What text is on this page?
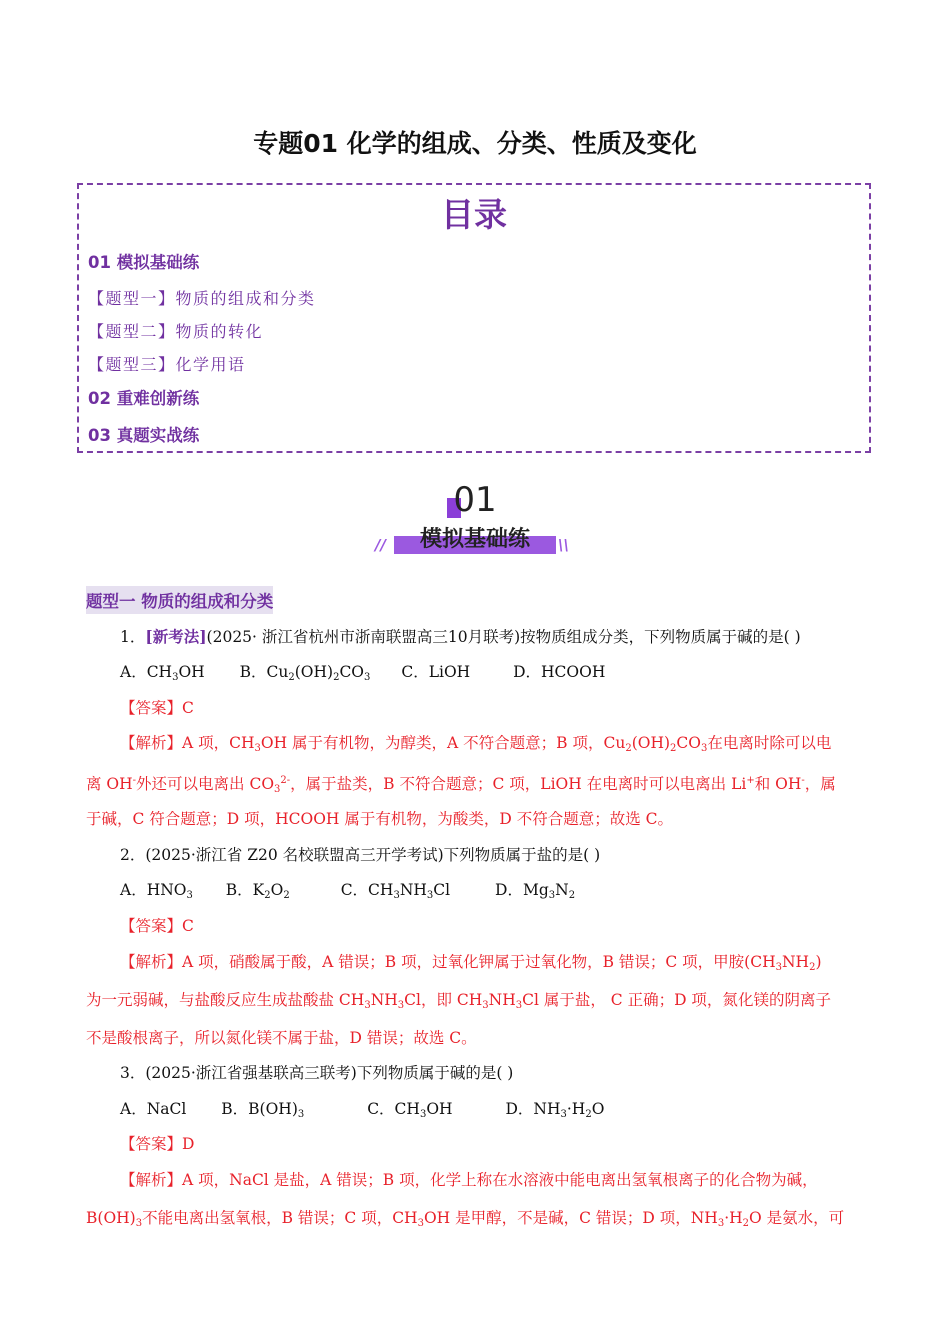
专题01 化学的组成、分类、性质及变化
目录
01 模拟基础练
【题型一】物质的组成和分类
【题型二】物质的转化
【题型三】化学用语
02 重难创新练
03 真题实战练
01
模拟基础练
//	\\
题型一 物质的组成和分类
1．[新考法](2025· 浙江省杭州市浙南联盟高三10月联考)按物质组成分类，下列物质属于碱的是( )
A．$CH_3OH$ B．$Cu_2(OH)_2CO_3$ C．LiOH	D．HCOOH
【答案】C
【解析】A 项，$CH_3OH$ 属于有机物，为醇类，A 不符合题意；B 项，$Cu_2(OH)_2CO_3$在电离时除可以电
离 OH-外还可以电离出 $CO_3^{2-}$，属于盐类，B 不符合题意；C 项，LiOH 在电离时可以电离出 Li+和 OH-，属
于碱，C 符合题意；D 项，HCOOH 属于有机物，为酸类，D 不符合题意；故选 C。
2．(2025·浙江省 Z20 名校联盟高三开学考试)下列物质属于盐的是( )
A．$HNO_3$ B．$K_2O_2$	C．$CH_3NH_3Cl$	D．$Mg_3N_2$
【答案】C
【解析】A 项，硝酸属于酸，A 错误；B 项，过氧化钾属于过氧化物，B 错误；C 项，甲胺$(CH_3NH_2)$
为一元弱碱，与盐酸反应生成盐酸盐 $CH_3NH_3Cl$，即 $CH_3NH_3Cl$ 属于盐， C 正确；D 项，氮化镁的阴离子
不是酸根离子，所以氮化镁不属于盐，D 错误；故选 C。
3．(2025·浙江省强基联高三联考)下列物质属于碱的是( )
A．NaCl B．$B(OH)_3$	C．$CH_3OH$	D．$NH_3\cdot H_2O$
【答案】D
【解析】A 项，NaCl 是盐，A 错误；B 项，化学上称在水溶液中能电离出氢氧根离子的化合物为碱，
$B(OH)_3$不能电离出氢氧根，B 错误；C 项，$CH_3OH$ 是甲醇，不是碱，C 错误；D 项，$NH_3\cdot H_2O$ 是氨水，可
